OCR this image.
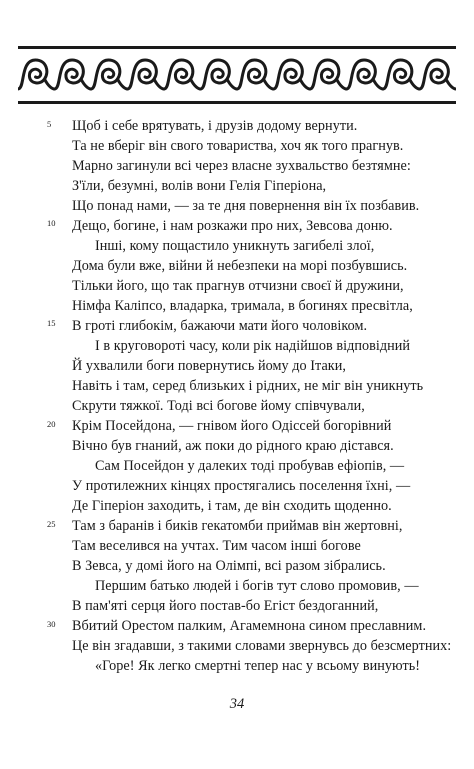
5
10
15
20
25
30
Щоб і себе врятувать, і друзів додому вернути.
Та не вберіг він свого товариства, хоч як того прагнув.
Марно загинули всі через власне зухвальство безтямне:
З'їли, безумні, волів вони Гелія Гіперіона,
Що понад нами, — за те дня повернення він їх позбавив.
Дещо, богине, і нам розкажи про них, Зевсова доню.
Інші, кому пощастило уникнуть загибелі злої,
Дома були вже, війни й небезпеки на морі позбувшись.
Тільки його, що так прагнув отчизни своєї й дружини,
Німфа Каліпсо, владарка, тримала, в богинях пресвітла,
В гроті глибокім, бажаючи мати його чоловіком.
І в круговороті часу, коли рік надійшов відповідний
Й ухвалили боги повернутись йому до Ітаки,
Навіть і там, серед близьких і рідних, не міг він уникнуть
Скрути тяжкої. Тоді всі богове йому співчували,
Крім Посейдона, — гнівом його Одіссей богорівний
Вічно був гнаний, аж поки до рідного краю дістався.
Сам Посейдон у далеких тоді пробував ефіопів, —
У протилежних кінцях простягались поселення їхні, —
Де Гіперіон заходить, і там, де він сходить щоденно.
Там з баранів і биків гекатомби приймав він жертовні,
Там веселився на учтах. Тим часом інші богове
В Зевса, у домі його на Олімпі, всі разом зібрались.
Першим батько людей і богів тут слово промовив, —
В пам'яті серця його постав-бо Егіст бездоганний,
Вбитий Орестом палким, Агамемнона сином преславним.
Це він згадавши, з такими словами звернувсь до безсмертних:
«Горе! Як легко смертні тепер нас у всьому винують!
34
